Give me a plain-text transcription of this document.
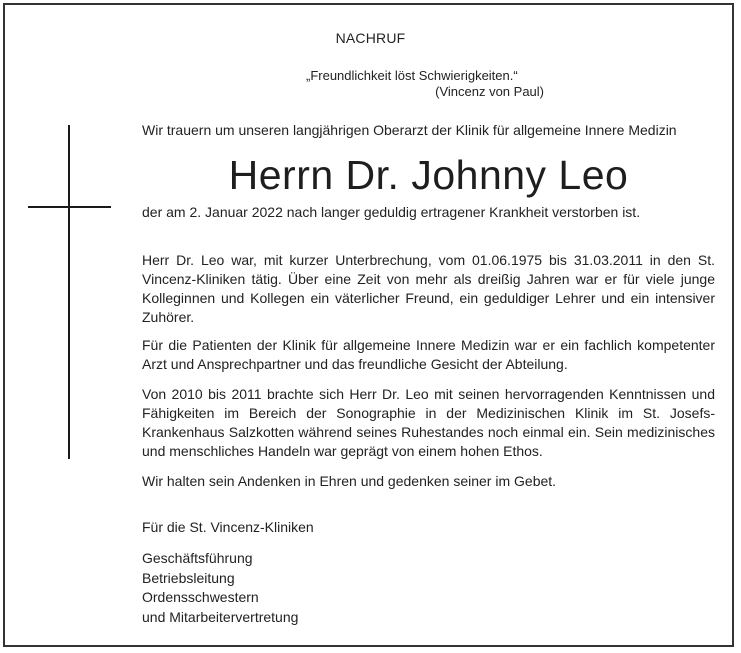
NACHRUF
„Freundlichkeit löst Schwierigkeiten.“
(Vincenz von Paul)

Wir trauern um unseren langjährigen Oberarzt der Klinik für allgemeine Innere Medizin

Herrn Dr. Johnny Leo

der am 2. Januar 2022 nach langer geduldig ertragener Krankheit verstorben ist.

Herr Dr. Leo war, mit kurzer Unterbrechung, vom 01.06.1975 bis 31.03.2011 in den St. Vincenz-Kliniken tätig. Über eine Zeit von mehr als dreißig Jahren war er für viele junge Kolleginnen und Kollegen ein väterlicher Freund, ein geduldiger Lehrer und ein intensiver Zuhörer.

Für die Patienten der Klinik für allgemeine Innere Medizin war er ein fachlich kompetenter Arzt und Ansprechpartner und das freundliche Gesicht der Abteilung.

Von 2010 bis 2011 brachte sich Herr Dr. Leo mit seinen hervorragenden Kenntnissen und Fähigkeiten im Bereich der Sonographie in der Medizinischen Klinik im St. Josefs-Krankenhaus Salzkotten während seines Ruhestandes noch einmal ein. Sein medizinisches und menschliches Handeln war geprägt von einem hohen Ethos.

Wir halten sein Andenken in Ehren und gedenken seiner im Gebet.

Für die St. Vincenz-Kliniken

Geschäftsführung
Betriebsleitung
Ordensschwestern
und Mitarbeitervertretung
